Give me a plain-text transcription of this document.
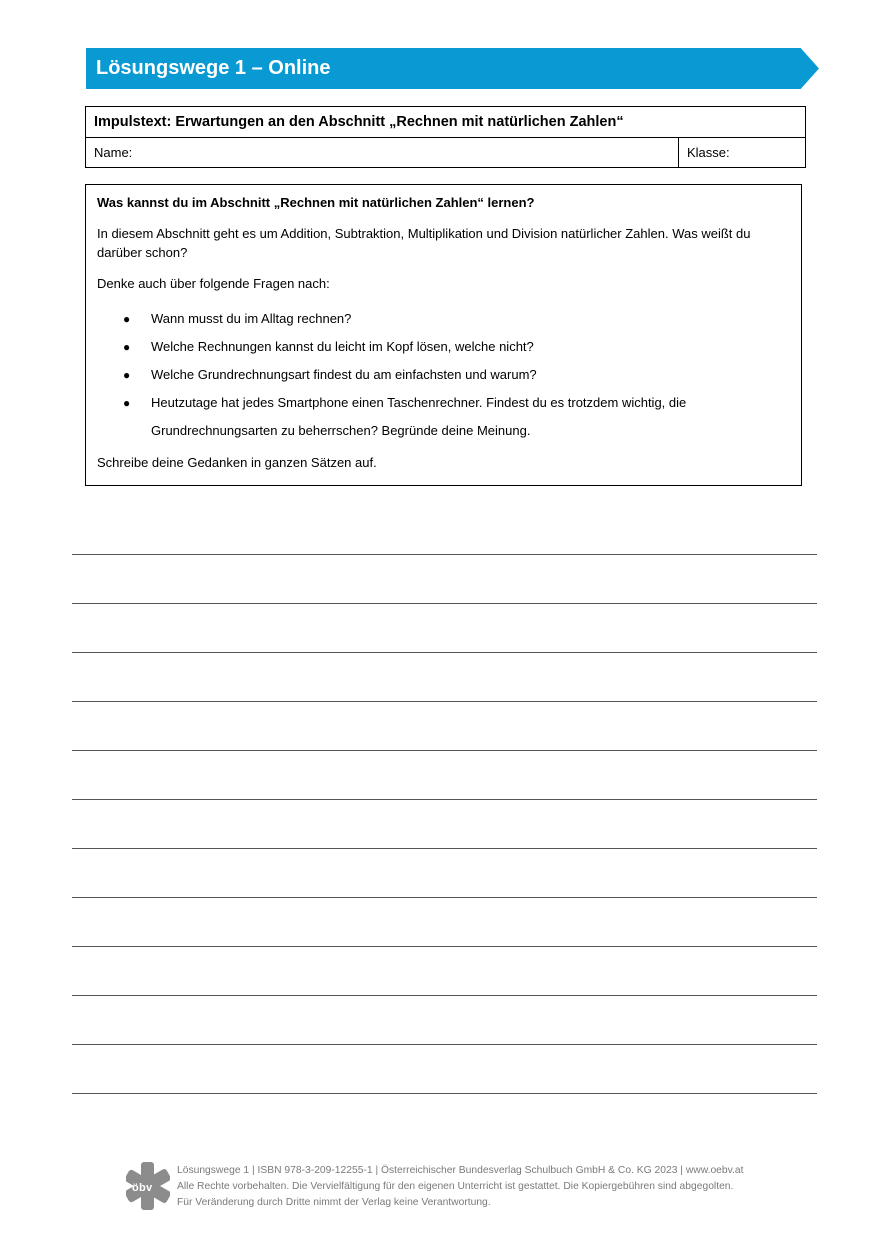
Lösungswege 1 – Online
Impulstext: Erwartungen an den Abschnitt „Rechnen mit natürlichen Zahlen“
Name:	Klasse:

Was kannst du im Abschnitt „Rechnen mit natürlichen Zahlen“ lernen?

In diesem Abschnitt geht es um Addition, Subtraktion, Multiplikation und Division natürlicher Zahlen. Was weißt du darüber schon?

Denke auch über folgende Fragen nach:

● Wann musst du im Alltag rechnen?
● Welche Rechnungen kannst du leicht im Kopf lösen, welche nicht?
● Welche Grundrechnungsart findest du am einfachsten und warum?
● Heutzutage hat jedes Smartphone einen Taschenrechner. Findest du es trotzdem wichtig, die Grundrechnungsarten zu beherrschen? Begründe deine Meinung.

Schreibe deine Gedanken in ganzen Sätzen auf.

öbv
Lösungswege 1 | ISBN 978-3-209-12255-1 | Österreichischer Bundesverlag Schulbuch GmbH & Co. KG 2023 | www.oebv.at
Alle Rechte vorbehalten. Die Vervielfältigung für den eigenen Unterricht ist gestattet. Die Kopiergebühren sind abgegolten.
Für Veränderung durch Dritte nimmt der Verlag keine Verantwortung.
